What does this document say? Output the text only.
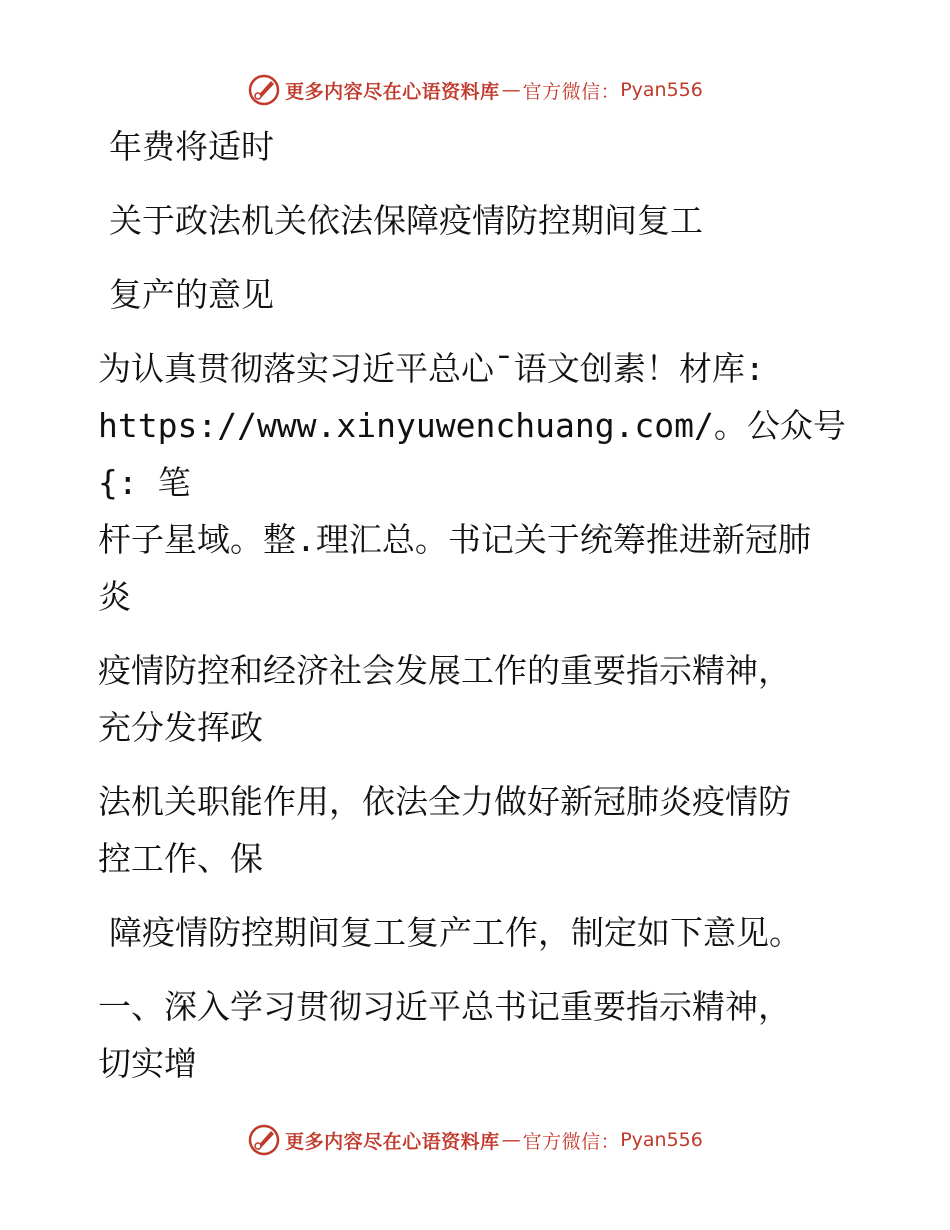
更多内容尽在心语资料库 — 官方微信： Pyan556

年费将适时

关于政法机关依法保障疫情防控期间复工

复产的意见

为认真贯彻落实习近平总心¯语文创素！材库:
https://www.xinyuwenchuang.com/。公众号{: 笔
杆子星域。整.理汇总。书记关于统筹推进新冠肺
炎

疫情防控和经济社会发展工作的重要指示精神，
充分发挥政

法机关职能作用，依法全力做好新冠肺炎疫情防
控工作、保

障疫情防控期间复工复产工作，制定如下意见。

一、深入学习贯彻习近平总书记重要指示精神，
切实增

更多内容尽在心语资料库 — 官方微信： Pyan556
